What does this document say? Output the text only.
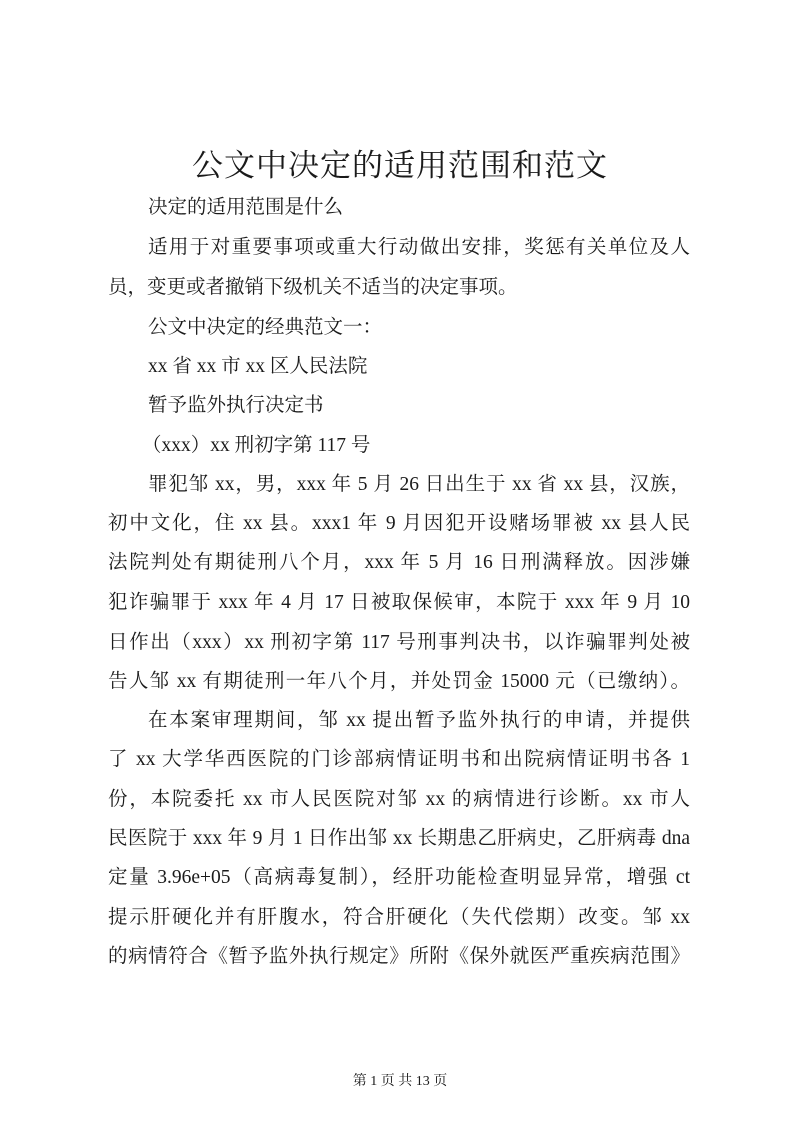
公文中决定的适用范围和范文
决定的适用范围是什么
适用于对重要事项或重大行动做出安排，奖惩有关单位及人
员，变更或者撤销下级机关不适当的决定事项。
公文中决定的经典范文一：
xx 省 xx 市 xx 区人民法院
暂予监外执行决定书
（xxx）xx 刑初字第 117 号
罪犯邹 xx，男，xxx 年 5 月 26 日出生于 xx 省 xx 县，汉族，
初中文化，住 xx 县。xxx1 年 9 月因犯开设赌场罪被 xx 县人民
法院判处有期徒刑八个月，xxx 年 5 月 16 日刑满释放。因涉嫌
犯诈骗罪于 xxx 年 4 月 17 日被取保候审，本院于 xxx 年 9 月 10
日作出（xxx）xx 刑初字第 117 号刑事判决书，以诈骗罪判处被
告人邹 xx 有期徒刑一年八个月，并处罚金 15000 元（已缴纳）。
在本案审理期间，邹 xx 提出暂予监外执行的申请，并提供
了 xx 大学华西医院的门诊部病情证明书和出院病情证明书各 1
份，本院委托 xx 市人民医院对邹 xx 的病情进行诊断。xx 市人
民医院于 xxx 年 9 月 1 日作出邹 xx 长期患乙肝病史，乙肝病毒 dna
定量 3.96e+05（高病毒复制），经肝功能检查明显异常，增强 ct
提示肝硬化并有肝腹水，符合肝硬化（失代偿期）改变。邹 xx
的病情符合《暂予监外执行规定》所附《保外就医严重疾病范围》
第 1 页 共 13 页
